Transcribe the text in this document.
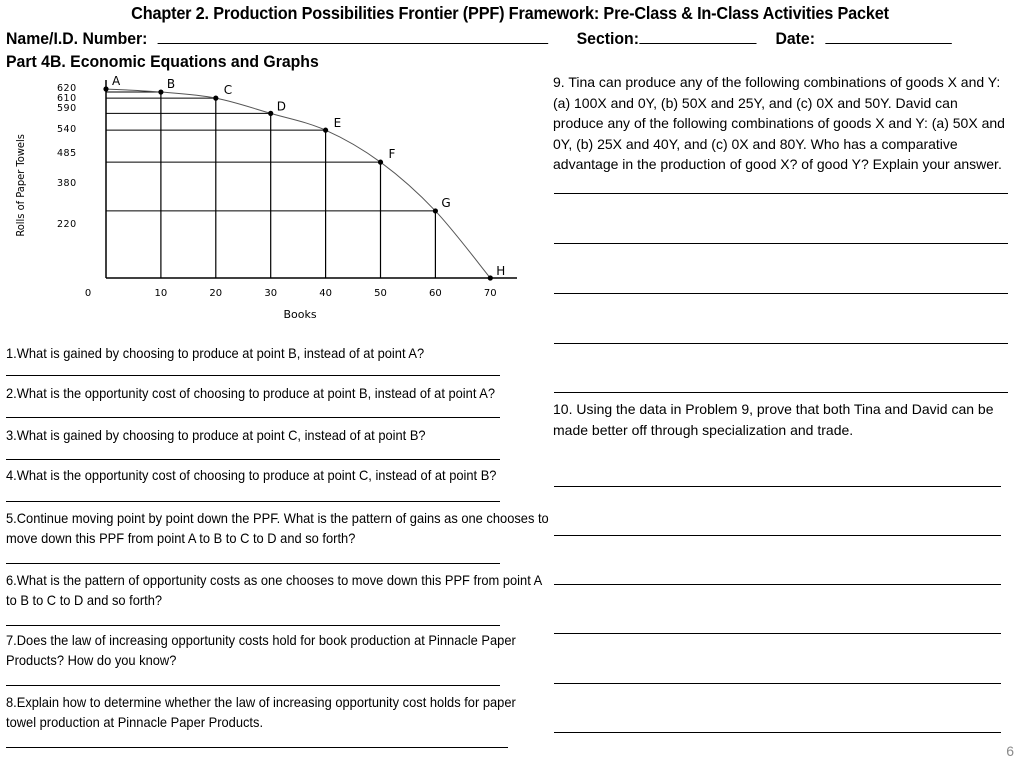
Chapter 2. Production Possibilities Frontier (PPF) Framework: Pre-Class & In-Class Activities Packet
Name/I.D. Number:	Section:	Date:
Part 4B. Economic Equations and Graphs
A	B	C
D
E
F
G
H
620
610
590
540
485
380
220
0	10	20	30	40	50	60	70
Books
Rolls of Paper Towels
1.What is gained by choosing to produce at point B, instead of at point A?
2.What is the opportunity cost of choosing to produce at point B, instead of at point A?
3.What is gained by choosing to produce at point C, instead of at point B?
4.What is the opportunity cost of choosing to produce at point C, instead of at point B?
5.Continue moving point by point down the PPF. What is the pattern of gains as one chooses to move down this PPF from point A to B to C to D and so forth?
6.What is the pattern of opportunity costs as one chooses to move down this PPF from point A to B to C to D and so forth?
7.Does the law of increasing opportunity costs hold for book production at Pinnacle Paper Products? How do you know?
8.Explain how to determine whether the law of increasing opportunity cost holds for paper towel production at Pinnacle Paper Products.
9. Tina can produce any of the following combinations of goods X and Y:
(a) 100X and 0Y, (b) 50X and 25Y, and (c) 0X and 50Y. David can
produce any of the following combinations of goods X and Y: (a) 50X and
0Y, (b) 25X and 40Y, and (c) 0X and 80Y. Who has a comparative
advantage in the production of good X? of good Y? Explain your answer.
10. Using the data in Problem 9, prove that both Tina and David can be made better off through specialization and trade.
6
